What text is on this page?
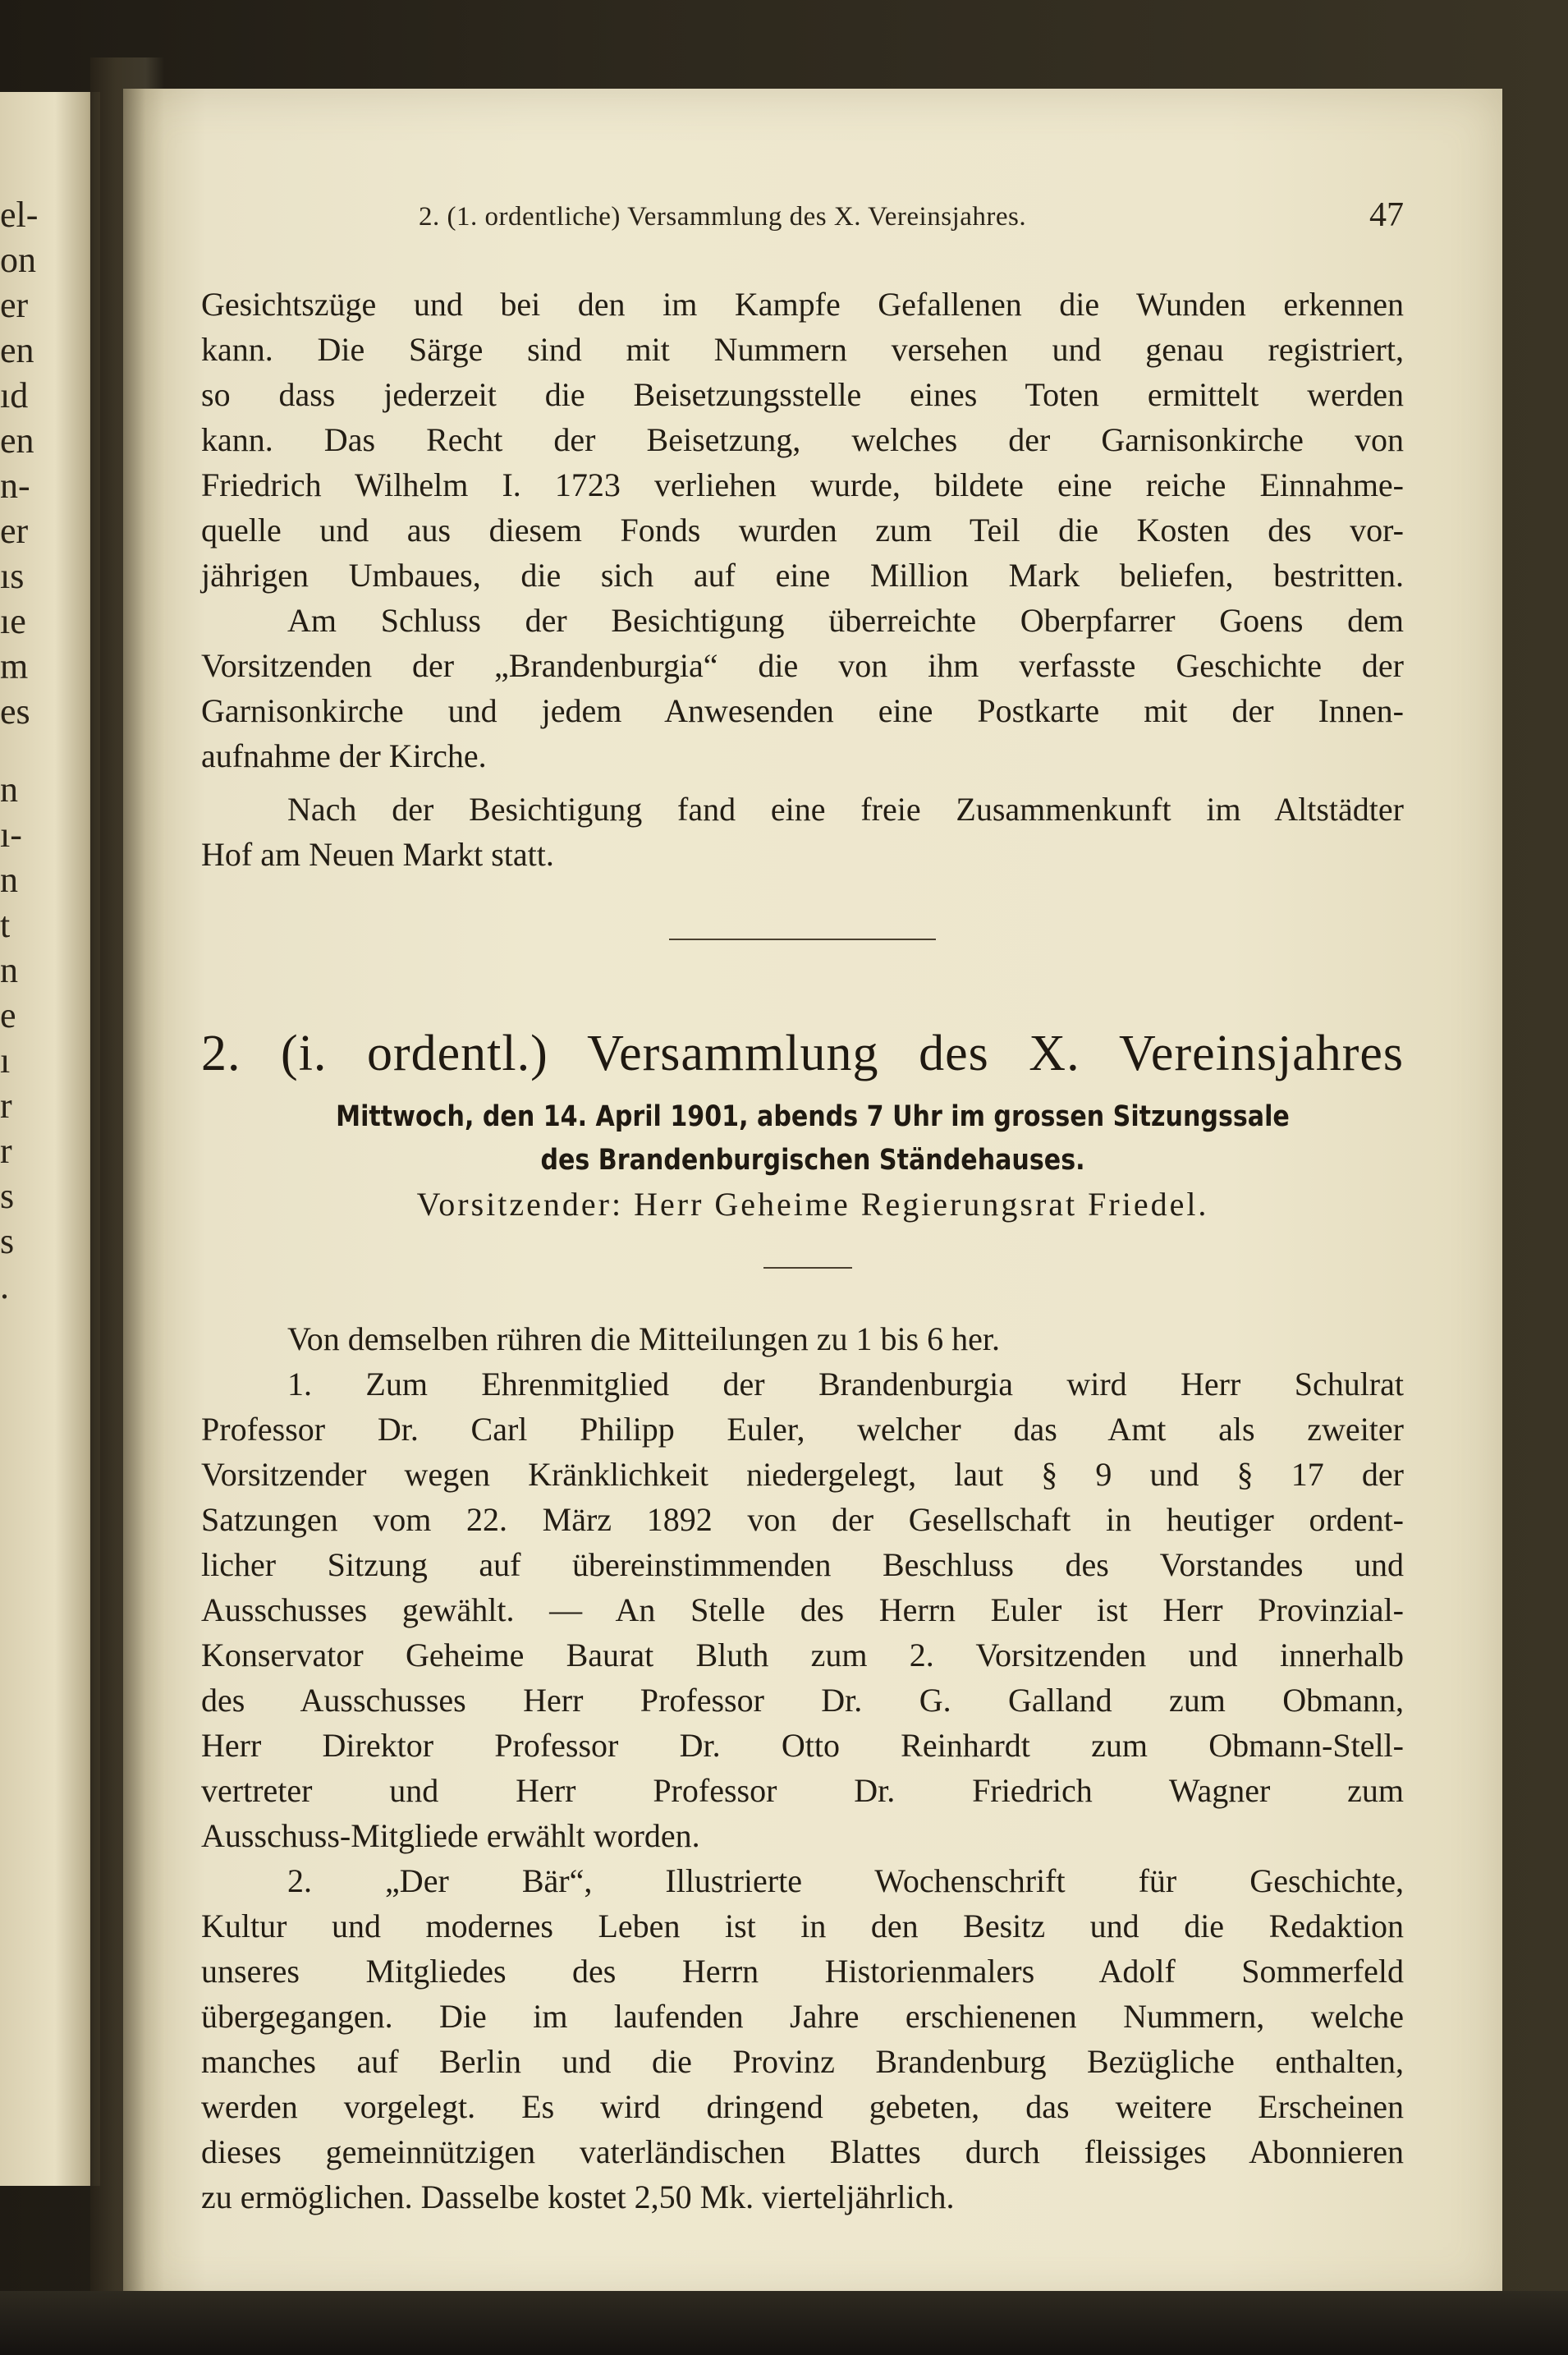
el-
on
er
en
ıd
en
n-
er
ıs
ıe
m
es
n
ı-
n
t
n
e
ı
r
r
s
s
.
2. (1. ordentliche) Versammlung des X. Vereinsjahres.	47
Gesichtszüge und bei den im Kampfe Gefallenen die Wunden erkennen
kann. Die Särge sind mit Nummern versehen und genau registriert,
so dass jederzeit die Beisetzungsstelle eines Toten ermittelt werden
kann. Das Recht der Beisetzung, welches der Garnisonkirche von
Friedrich Wilhelm I. 1723 verliehen wurde, bildete eine reiche Einnahme-
quelle und aus diesem Fonds wurden zum Teil die Kosten des vor-
jährigen Umbaues, die sich auf eine Million Mark beliefen, bestritten.
Am Schluss der Besichtigung überreichte Oberpfarrer Goens dem
Vorsitzenden der „Brandenburgia“ die von ihm verfasste Geschichte der
Garnisonkirche und jedem Anwesenden eine Postkarte mit der Innen-
aufnahme der Kirche.
Nach der Besichtigung fand eine freie Zusammenkunft im Altstädter
Hof am Neuen Markt statt.
2. (i. ordentl.) Versammlung des X. Vereinsjahres
Mittwoch, den 14. April 1901, abends 7 Uhr im grossen Sitzungssale
des Brandenburgischen Ständehauses.
Vorsitzender: Herr Geheime Regierungsrat Friedel.
Von demselben rühren die Mitteilungen zu 1 bis 6 her.
1. Zum Ehrenmitglied der Brandenburgia wird Herr Schulrat
Professor Dr. Carl Philipp Euler, welcher das Amt als zweiter
Vorsitzender wegen Kränklichkeit niedergelegt, laut § 9 und § 17 der
Satzungen vom 22. März 1892 von der Gesellschaft in heutiger ordent-
licher Sitzung auf übereinstimmenden Beschluss des Vorstandes und
Ausschusses gewählt. — An Stelle des Herrn Euler ist Herr Provinzial-
Konservator Geheime Baurat Bluth zum 2. Vorsitzenden und innerhalb
des Ausschusses Herr Professor Dr. G. Galland zum Obmann,
Herr Direktor Professor Dr. Otto Reinhardt zum Obmann-Stell-
vertreter und Herr Professor Dr. Friedrich Wagner zum
Ausschuss-Mitgliede erwählt worden.
2. „Der Bär“, Illustrierte Wochenschrift für Geschichte,
Kultur und modernes Leben ist in den Besitz und die Redaktion
unseres Mitgliedes des Herrn Historienmalers Adolf Sommerfeld
übergegangen. Die im laufenden Jahre erschienenen Nummern, welche
manches auf Berlin und die Provinz Brandenburg Bezügliche enthalten,
werden vorgelegt. Es wird dringend gebeten, das weitere Erscheinen
dieses gemeinnützigen vaterländischen Blattes durch fleissiges Abonnieren
zu ermöglichen. Dasselbe kostet 2,50 Mk. vierteljährlich.
